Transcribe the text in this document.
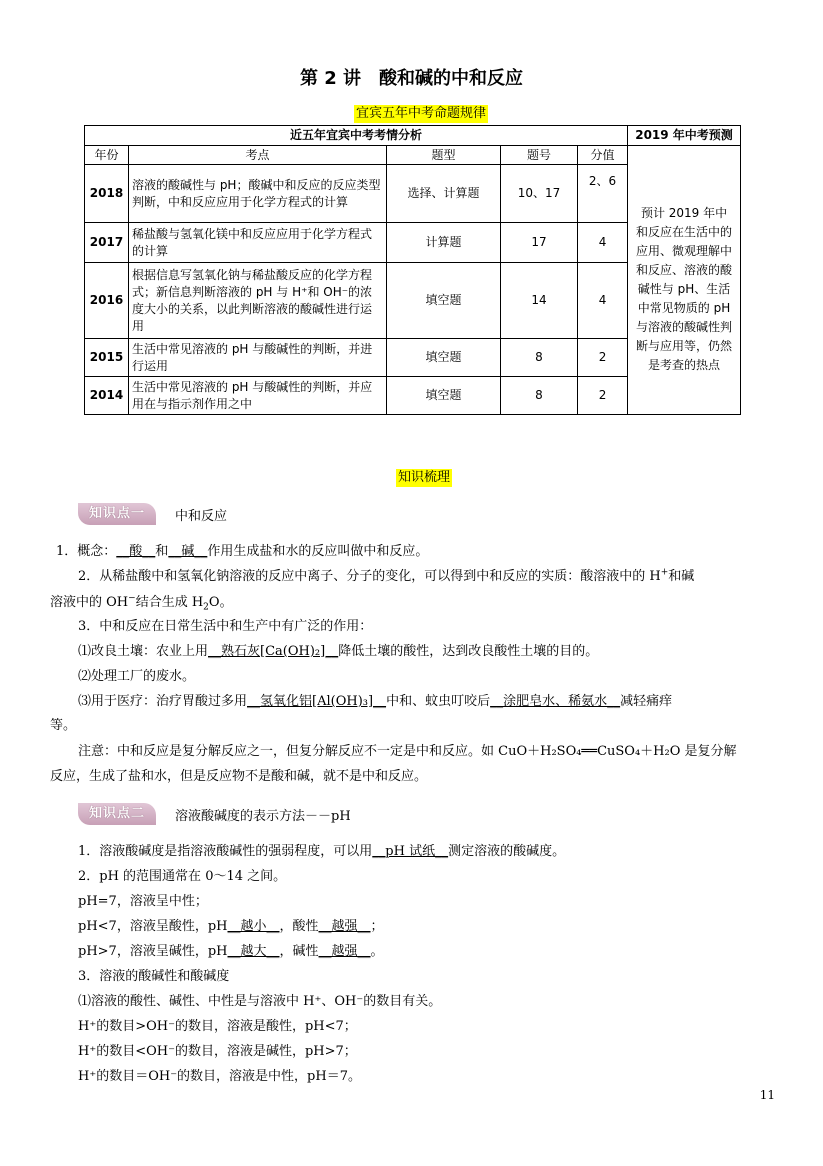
第 2 讲　酸和碱的中和反应
宜宾五年中考命题规律
近五年宜宾中考考情分析					2019 年中考预测
年份	考点	题型	题号	分值	
2018	溶液的酸碱性与 pH；酸碱中和反应的反应类型判断，中和反应应用于化学方程式的计算	选择、计算题	10、17	2、6	预计 2019 年中和反应在生活中的应用、微观理解中和反应、溶液的酸碱性与 pH、生活中常见物质的 pH 与溶液的酸碱性判断与应用等，仍然是考查的热点
2017	稀盐酸与氢氧化镁中和反应应用于化学方程式的计算	计算题	17	4	
2016	根据信息写氢氧化钠与稀盐酸反应的化学方程式；新信息判断溶液的 pH 与 H⁺和 OH⁻的浓度大小的关系，以此判断溶液的酸碱性进行运用	填空题	14	4	
2015	生活中常见溶液的 pH 与酸碱性的判断，并进行运用	填空题	8	2	
2014	生活中常见溶液的 pH 与酸碱性的判断，并应用在与指示剂作用之中	填空题	8	2	
知识梳理
知识点一	中和反应
1．概念：__酸__和__碱__作用生成盐和水的反应叫做中和反应。
2．从稀盐酸中和氢氧化钠溶液的反应中离子、分子的变化，可以得到中和反应的实质：酸溶液中的 H+和碱
溶液中的 OH−结合生成 $H_2O$。
3．中和反应在日常生活中和生产中有广泛的作用：
⑴改良土壤：农业上用__熟石灰[Ca(OH)₂]__降低土壤的酸性，达到改良酸性土壤的目的。
⑵处理工厂的废水。
⑶用于医疗：治疗胃酸过多用__氢氧化铝[Al(OH)₃]__中和、蚊虫叮咬后__涂肥皂水、稀氨水__减轻痛痒
等。
注意：中和反应是复分解反应之一，但复分解反应不一定是中和反应。如 CuO＋H₂SO₄══CuSO₄＋H₂O 是复分解
反应，生成了盐和水，但是反应物不是酸和碱，就不是中和反应。
知识点二	溶液酸碱度的表示方法－－pH
1．溶液酸碱度是指溶液酸碱性的强弱程度，可以用__pH 试纸__测定溶液的酸碱度。
2．pH 的范围通常在 0～14 之间。
pH=7，溶液呈中性；
pH<7，溶液呈酸性，pH__越小__，酸性__越强__；
pH>7，溶液呈碱性，pH__越大__，碱性__越强__。
3．溶液的酸碱性和酸碱度
⑴溶液的酸性、碱性、中性是与溶液中 H⁺、OH⁻的数目有关。
H⁺的数目>OH⁻的数目，溶液是酸性，pH<7；
H⁺的数目<OH⁻的数目，溶液是碱性，pH>7；
H⁺的数目＝OH⁻的数目，溶液是中性，pH＝7。
11
